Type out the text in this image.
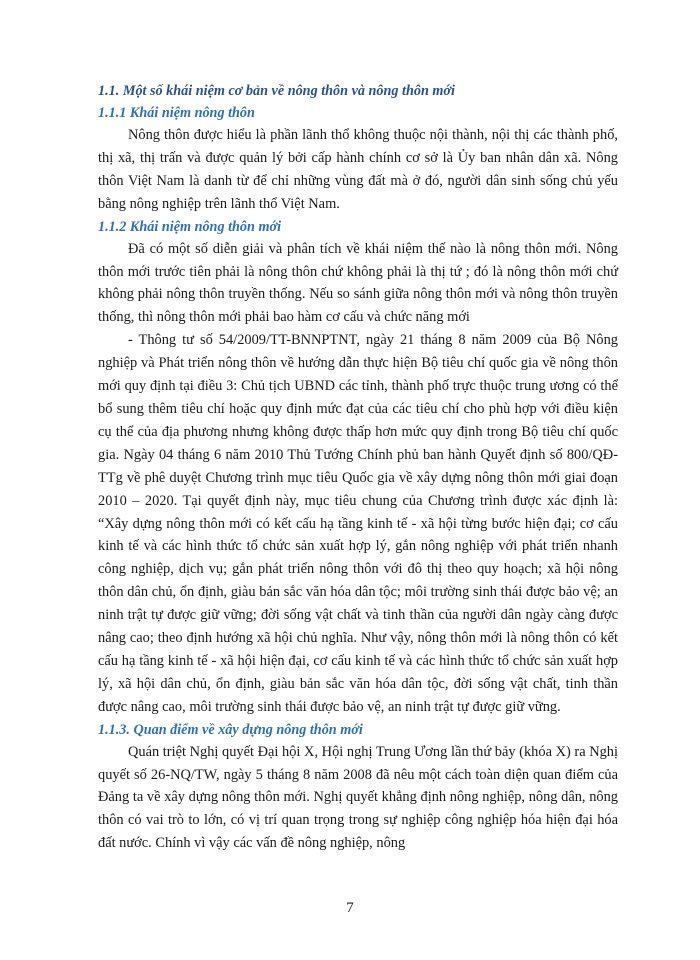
1.1. Một số khái niệm cơ bản về nông thôn và nông thôn mới
1.1.1 Khái niệm nông thôn

Nông thôn được hiểu là phần lãnh thổ không thuộc nội thành, nội thị các thành phố, thị xã, thị trấn và được quản lý bởi cấp hành chính cơ sở là Ủy ban nhân dân xã. Nông thôn Việt Nam là danh từ để chỉ những vùng đất mà ở đó, người dân sinh sống chủ yếu bằng nông nghiệp trên lãnh thổ Việt Nam.

1.1.2 Khái niệm nông thôn mới

Đã có một số diễn giải và phân tích về khái niệm thế nào là nông thôn mới. Nông thôn mới trước tiên phải là nông thôn chứ không phải là thị tứ ; đó là nông thôn mới chứ không phải nông thôn truyền thống. Nếu so sánh giữa nông thôn mới và nông thôn truyền thống, thì nông thôn mới phải bao hàm cơ cấu và chức năng mới

- Thông tư số 54/2009/TT-BNNPTNT, ngày 21 tháng 8 năm 2009 của Bộ Nông nghiệp và Phát triển nông thôn về hướng dẫn thực hiện Bộ tiêu chí quốc gia về nông thôn mới quy định tại điều 3: Chủ tịch UBND các tỉnh, thành phố trực thuộc trung ương có thể bổ sung thêm tiêu chí hoặc quy định mức đạt của các tiêu chí cho phù hợp với điều kiện cụ thể của địa phương nhưng không được thấp hơn mức quy định trong Bộ tiêu chí quốc gia. Ngày 04 tháng 6 năm 2010 Thủ Tướng Chính phủ ban hành Quyết định số 800/QĐ-TTg về phê duyệt Chương trình mục tiêu Quốc gia về xây dựng nông thôn mới giai đoạn 2010 – 2020. Tại quyết định này, mục tiêu chung của Chương trình được xác định là: “Xây dựng nông thôn mới có kết cấu hạ tầng kinh tế - xã hội từng bước hiện đại; cơ cấu kinh tế và các hình thức tổ chức sản xuất hợp lý, gắn nông nghiệp với phát triển nhanh công nghiệp, dịch vụ; gắn phát triển nông thôn với đô thị theo quy hoạch; xã hội nông thôn dân chủ, ổn định, giàu bản sắc văn hóa dân tộc; môi trường sinh thái được bảo vệ; an ninh trật tự được giữ vững; đời sống vật chất và tinh thần của người dân ngày càng được nâng cao; theo định hướng xã hội chủ nghĩa. Như vậy, nông thôn mới là nông thôn có kết cấu hạ tầng kinh tế - xã hội hiện đại, cơ cấu kinh tế và các hình thức tổ chức sản xuất hợp lý, xã hội dân chủ, ổn định, giàu bản sắc văn hóa dân tộc, đời sống vật chất, tinh thần được nâng cao, môi trường sinh thái được bảo vệ, an ninh trật tự được giữ vững.

1.1.3. Quan điểm về xây dựng nông thôn mới

Quán triệt Nghị quyết Đại hội X, Hội nghị Trung Ương lần thứ bảy (khóa X) ra Nghị quyết số 26-NQ/TW, ngày 5 tháng 8 năm 2008 đã nêu một cách toàn diện quan điểm của Đảng ta về xây dựng nông thôn mới. Nghị quyết khẳng định nông nghiệp, nông dân, nông thôn có vai trò to lớn, có vị trí quan trọng trong sự nghiệp công nghiệp hóa hiện đại hóa đất nước. Chính vì vậy các vấn đề nông nghiệp, nông

7
